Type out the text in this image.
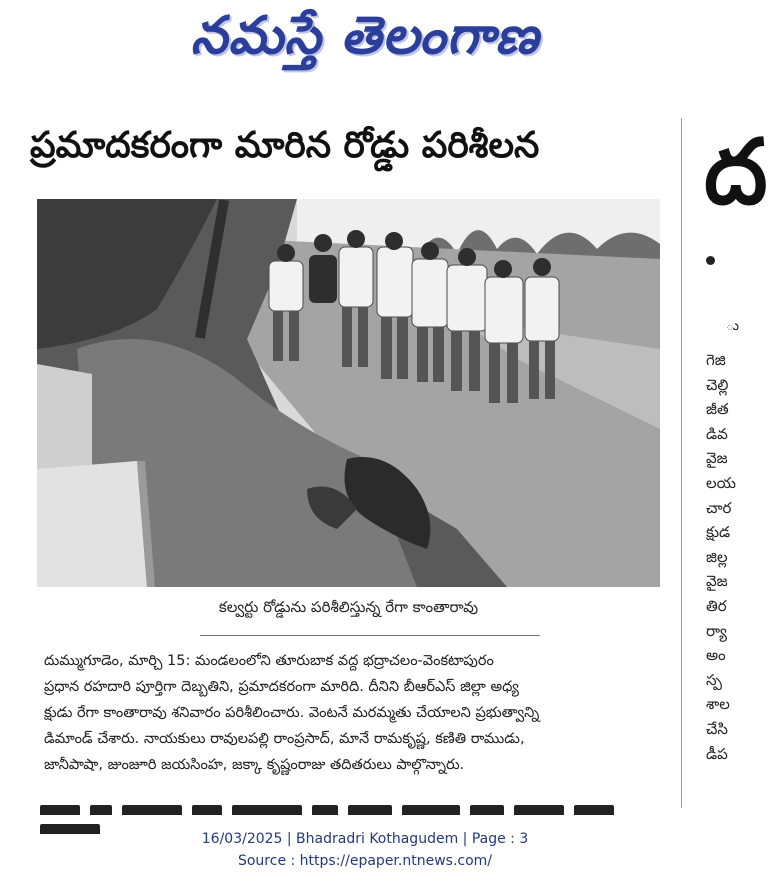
నమస్తే తెలంగాణ
ప్రమాదకరంగా మారిన రోడ్డు పరిశీలన
కల్వర్టు రోడ్డును పరిశీలిస్తున్న రేగా కాంతారావు
దుమ్ముగూడెం, మార్చి 15: మండలంలోని తూరుబాక వద్ద భద్రాచలం-వెంకటాపురం
ప్రధాన రహదారి పూర్తిగా దెబ్బతిని, ప్రమాదకరంగా మారిది. దీనిని బీఆర్ఎస్ జిల్లా అధ్య
క్షుడు రేగా కాంతారావు శనివారం పరిశీలించారు. వెంటనే మరమ్మతు చేయాలని ప్రభుత్వాన్ని
డిమాండ్ చేశారు. నాయకులు రావులపల్లి రాంప్రసాద్, మానే రామకృష్ణ, కణితి రాముడు,
జానీపాషా, జుంజూరి జయసింహ, జక్కా కృష్ణంరాజు తదితరులు పాల్గొన్నారు.
ద
ు
గెజి
చెల్లి
జీత
డివ
వైజ
లయ
చార
క్షుడ
జిల్ల
వైజ
తిర
ర్యా
అం
స్ప
శాల
చేసి
డీప
16/03/2025 | Bhadradri Kothagudem | Page : 3
Source : https://epaper.ntnews.com/
